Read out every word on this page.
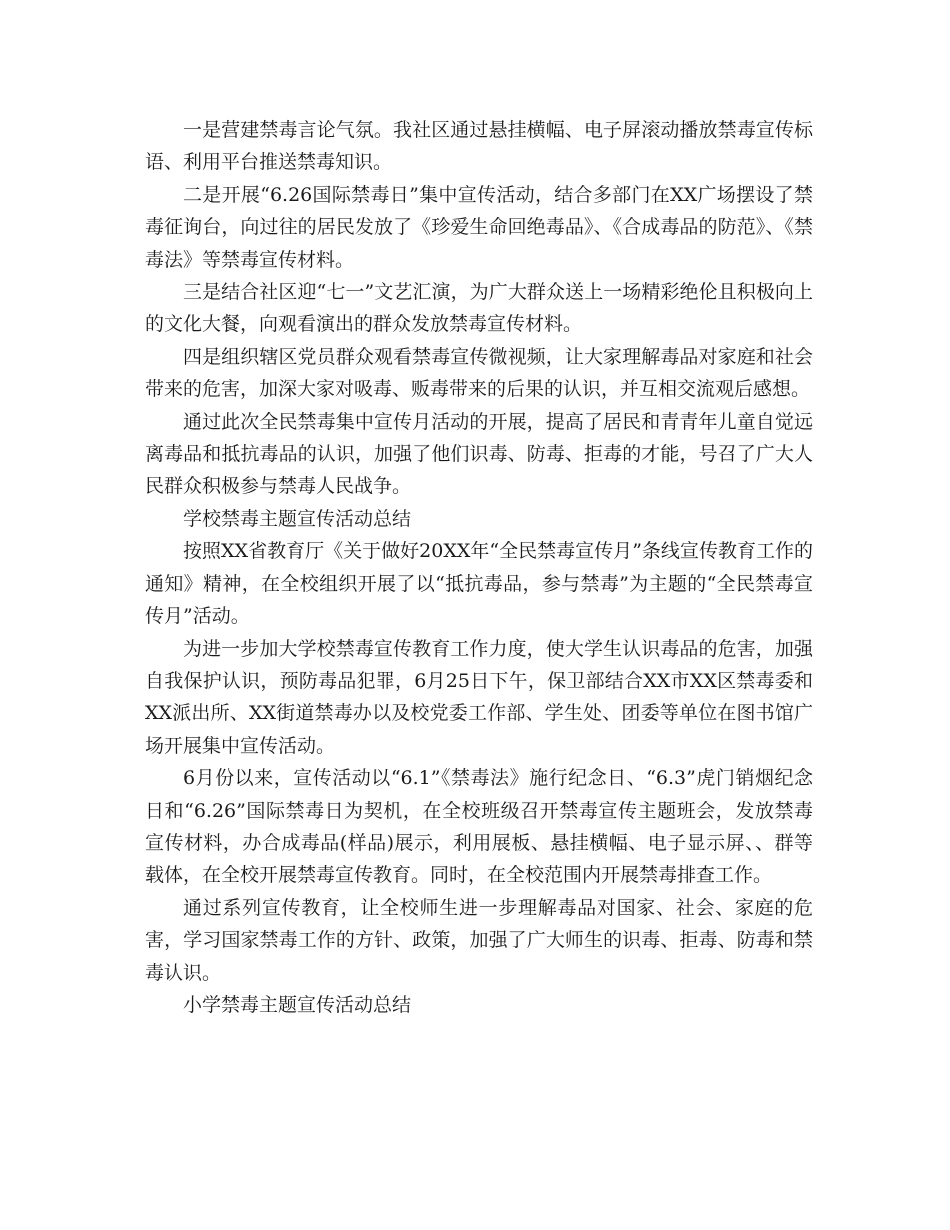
一是营建禁毒言论气氛。我社区通过悬挂横幅、电子屏滚动播放禁毒宣传标语、利用平台推送禁毒知识。

二是开展“6.26国际禁毒日”集中宣传活动，结合多部门在XX广场摆设了禁毒征询台，向过往的居民发放了《珍爱生命回绝毒品》、《合成毒品的防范》、《禁毒法》等禁毒宣传材料。

三是结合社区迎“七一”文艺汇演，为广大群众送上一场精彩绝伦且积极向上的文化大餐，向观看演出的群众发放禁毒宣传材料。

四是组织辖区党员群众观看禁毒宣传微视频，让大家理解毒品对家庭和社会带来的危害，加深大家对吸毒、贩毒带来的后果的认识，并互相交流观后感想。

通过此次全民禁毒集中宣传月活动的开展，提高了居民和青青年儿童自觉远离毒品和抵抗毒品的认识，加强了他们识毒、防毒、拒毒的才能，号召了广大人民群众积极参与禁毒人民战争。

学校禁毒主题宣传活动总结

按照XX省教育厅《关于做好20XX年“全民禁毒宣传月”条线宣传教育工作的通知》精神，在全校组织开展了以“抵抗毒品，参与禁毒”为主题的“全民禁毒宣传月”活动。

为进一步加大学校禁毒宣传教育工作力度，使大学生认识毒品的危害，加强自我保护认识，预防毒品犯罪，6月25日下午，保卫部结合XX市XX区禁毒委和XX派出所、XX街道禁毒办以及校党委工作部、学生处、团委等单位在图书馆广场开展集中宣传活动。

6月份以来，宣传活动以“6.1”《禁毒法》施行纪念日、“6.3”虎门销烟纪念日和“6.26”国际禁毒日为契机，在全校班级召开禁毒宣传主题班会，发放禁毒宣传材料，办合成毒品(样品)展示，利用展板、悬挂横幅、电子显示屏、、群等载体，在全校开展禁毒宣传教育。同时，在全校范围内开展禁毒排查工作。

通过系列宣传教育，让全校师生进一步理解毒品对国家、社会、家庭的危害，学习国家禁毒工作的方针、政策，加强了广大师生的识毒、拒毒、防毒和禁毒认识。

小学禁毒主题宣传活动总结
